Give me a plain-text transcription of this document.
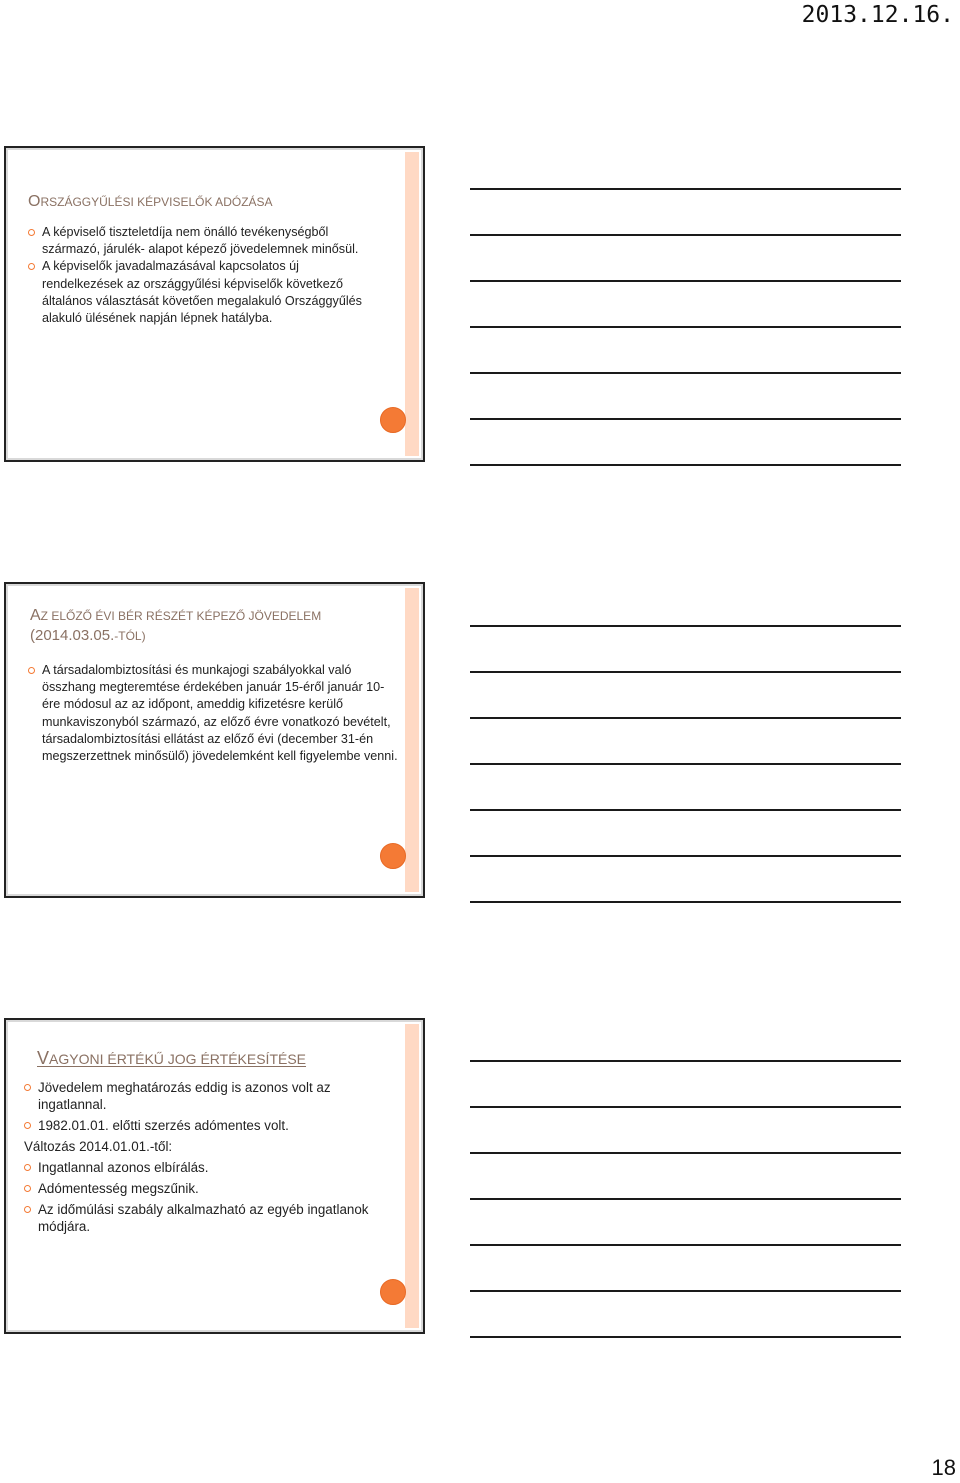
2013.12.16.
ORSZÁGGYŰLÉSI KÉPVISELŐK ADÓZÁSA
A képviselő tiszteletdíja nem önálló tevékenységből származó, járulék- alapot képező jövedelemnek minősül.
A képviselők javadalmazásával kapcsolatos új rendelkezések az országgyűlési képviselők következő általános választását követően megalakuló Országgyűlés alakuló ülésének napján lépnek hatályba.
AZ ELŐZŐ ÉVI BÉR RÉSZÉT KÉPEZŐ JÖVEDELEM (2014.03.05.-TÓL)
A társadalombiztosítási és munkajogi szabályokkal való összhang megteremtése érdekében január 15-éről január 10-ére módosul az az időpont, ameddig kifizetésre kerülő munkaviszonyból származó, az előző évre vonatkozó bevételt, társadalombiztosítási ellátást az előző évi (december 31-én megszerzettnek minősülő) jövedelemként kell figyelembe venni.
VAGYONI ÉRTÉKŰ JOG ÉRTÉKESÍTÉSE
Jövedelem meghatározás eddig is azonos volt az ingatlannal.
1982.01.01. előtti szerzés adómentes volt.
Változás 2014.01.01.-től:
Ingatlannal azonos elbírálás.
Adómentesség megszűnik.
Az időmúlási szabály alkalmazható az egyéb ingatlanok módjára.
18
